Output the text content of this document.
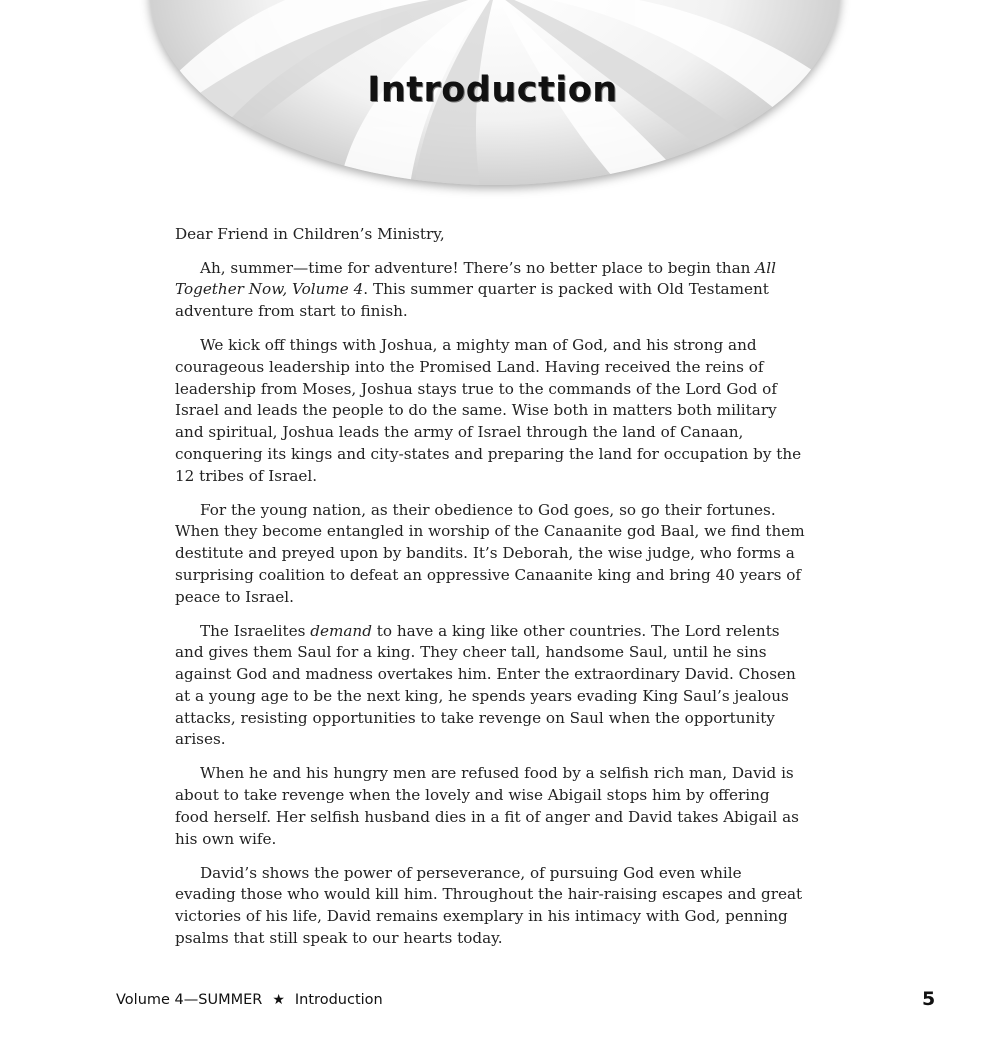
Introduction

Dear Friend in Children’s Ministry,

Ah, summer—time for adventure! There’s no better place to begin than All Together Now, Volume 4. This summer quarter is packed with Old Testament adventure from start to finish.

We kick off things with Joshua, a mighty man of God, and his strong and courageous leadership into the Promised Land. Having received the reins of leadership from Moses, Joshua stays true to the commands of the Lord God of Israel and leads the people to do the same. Wise both in matters both military and spiritual, Joshua leads the army of Israel through the land of Canaan, conquering its kings and city-states and preparing the land for occupation by the 12 tribes of Israel.

For the young nation, as their obedience to God goes, so go their fortunes. When they become entangled in worship of the Canaanite god Baal, we find them destitute and preyed upon by bandits. It’s Deborah, the wise judge, who forms a surprising coalition to defeat an oppressive Canaanite king and bring 40 years of peace to Israel.

The Israelites demand to have a king like other countries. The Lord relents and gives them Saul for a king. They cheer tall, handsome Saul, until he sins against God and madness overtakes him. Enter the extraordinary David. Chosen at a young age to be the next king, he spends years evading King Saul’s jealous attacks, resisting opportunities to take revenge on Saul when the opportunity arises.

When he and his hungry men are refused food by a selfish rich man, David is about to take revenge when the lovely and wise Abigail stops him by offering food herself. Her selfish husband dies in a fit of anger and David takes Abigail as his own wife.

David’s shows the power of perseverance, of pursuing God even while evading those who would kill him. Throughout the hair-raising escapes and great victories of his life, David remains exemplary in his intimacy with God, penning psalms that still speak to our hearts today.

Volume 4—SUMMER ★ Introduction	5
